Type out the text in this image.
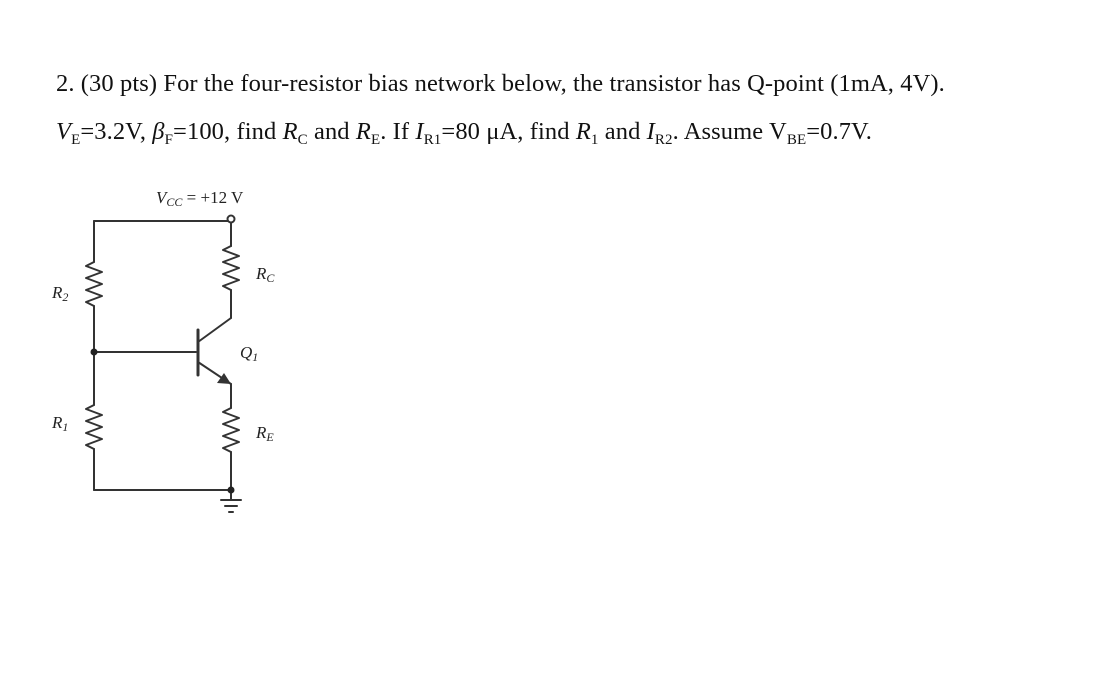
2. (30 pts) For the four-resistor bias network below, the transistor has Q-point (1mA, 4V).
$V_E=3.2V$, $\beta_F=100$, find $R_C$ and $R_E$. If $I_{R1}=80$ μA, find $R_1$ and $I_{R2}$. Assume $V_{BE}=0.7V$.
VCC = +12 V
RC
R2
Q1
R1	RE
